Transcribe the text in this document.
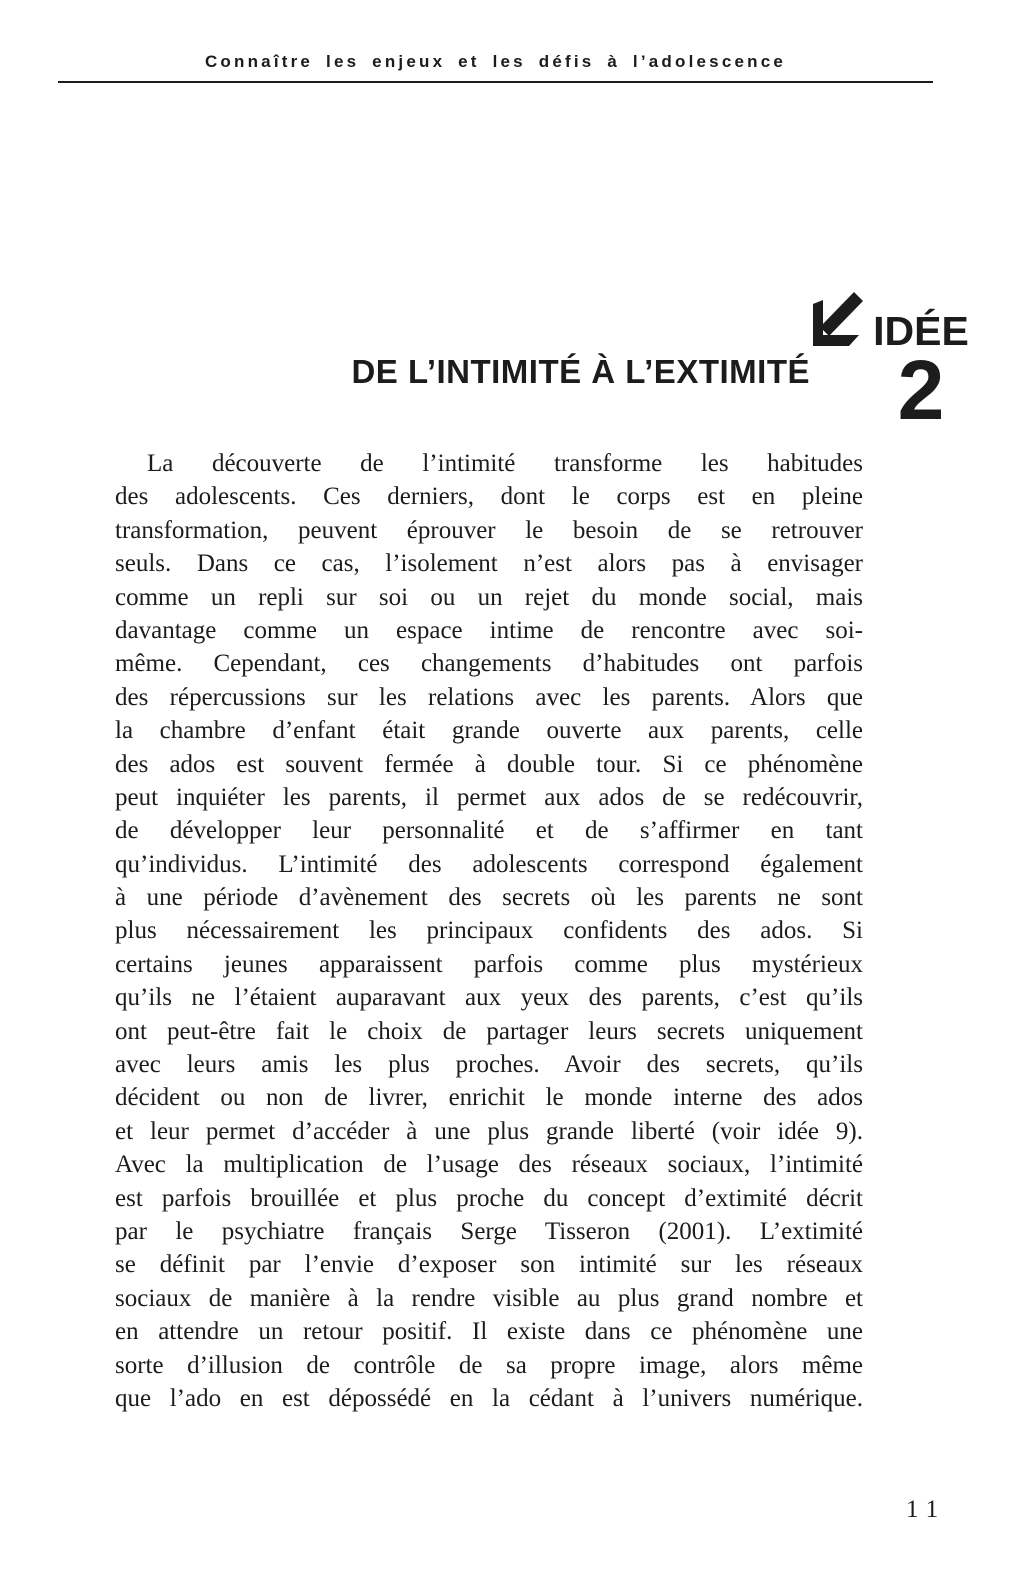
Connaître les enjeux et les défis à l’adolescence
DE L’INTIMITÉ À L’EXTIMITÉ
IDÉE
2
La découverte de l’intimité transforme les habitudes
des adolescents. Ces derniers, dont le corps est en pleine
transformation, peuvent éprouver le besoin de se retrouver
seuls. Dans ce cas, l’isolement n’est alors pas à envisager
comme un repli sur soi ou un rejet du monde social, mais
davantage comme un espace intime de rencontre avec soi-
même. Cependant, ces changements d’habitudes ont parfois
des répercussions sur les relations avec les parents. Alors que
la chambre d’enfant était grande ouverte aux parents, celle
des ados est souvent fermée à double tour. Si ce phénomène
peut inquiéter les parents, il permet aux ados de se redécouvrir,
de développer leur personnalité et de s’affirmer en tant
qu’individus. L’intimité des adolescents correspond également
à une période d’avènement des secrets où les parents ne sont
plus nécessairement les principaux confidents des ados. Si
certains jeunes apparaissent parfois comme plus mystérieux
qu’ils ne l’étaient auparavant aux yeux des parents, c’est qu’ils
ont peut-être fait le choix de partager leurs secrets uniquement
avec leurs amis les plus proches. Avoir des secrets, qu’ils
décident ou non de livrer, enrichit le monde interne des ados
et leur permet d’accéder à une plus grande liberté (voir idée 9).
Avec la multiplication de l’usage des réseaux sociaux, l’intimité
est parfois brouillée et plus proche du concept d’extimité décrit
par le psychiatre français Serge Tisseron (2001). L’extimité
se définit par l’envie d’exposer son intimité sur les réseaux
sociaux de manière à la rendre visible au plus grand nombre et
en attendre un retour positif. Il existe dans ce phénomène une
sorte d’illusion de contrôle de sa propre image, alors même
que l’ado en est dépossédé en la cédant à l’univers numérique.
11
